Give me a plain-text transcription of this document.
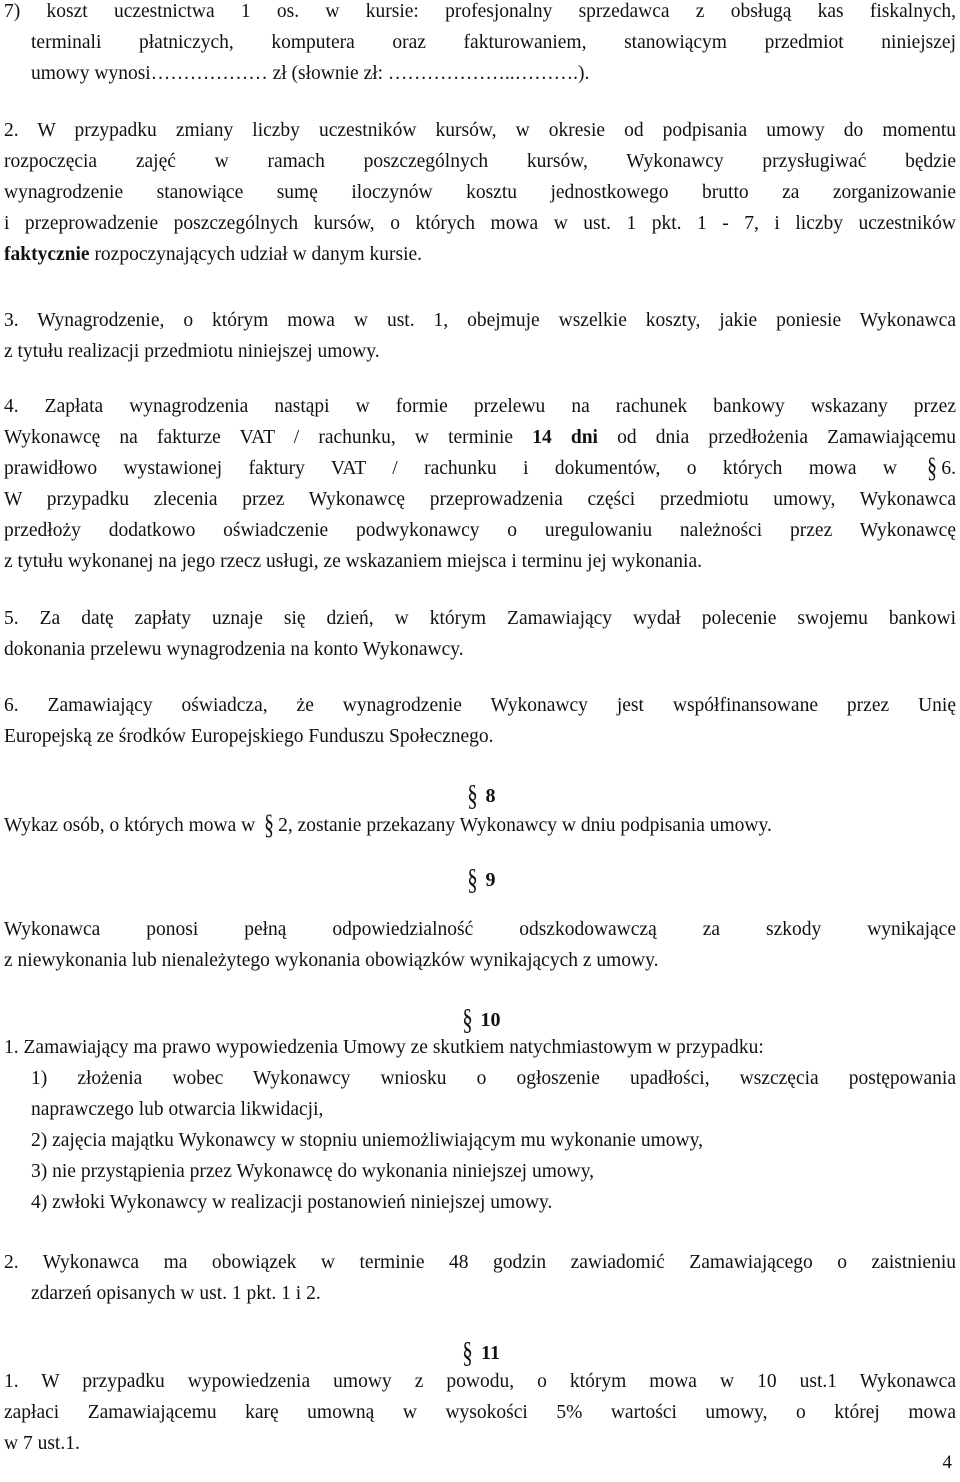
7) koszt uczestnictwa 1 os. w kursie: profesjonalny sprzedawca z obsługą kas fiskalnych,
terminali płatniczych, komputera oraz fakturowaniem, stanowiącym przedmiot niniejszej
umowy wynosi……………… zł (słownie zł: ………………..……….).
2. W przypadku zmiany liczby uczestników kursów, w okresie od podpisania umowy do momentu
rozpoczęcia zajęć w ramach poszczególnych kursów, Wykonawcy przysługiwać będzie
wynagrodzenie stanowiące sumę iloczynów kosztu jednostkowego brutto za zorganizowanie
i przeprowadzenie poszczególnych kursów, o których mowa w ust. 1 pkt. 1 - 7, i liczby uczestników
faktycznie rozpoczynających udział w danym kursie.
3. Wynagrodzenie, o którym mowa w ust. 1, obejmuje wszelkie koszty, jakie poniesie Wykonawca
z tytułu realizacji przedmiotu niniejszej umowy.
4. Zapłata wynagrodzenia nastąpi w formie przelewu na rachunek bankowy wskazany przez
Wykonawcę na fakturze VAT / rachunku, w terminie 14 dni od dnia przedłożenia Zamawiającemu
prawidłowo wystawionej faktury VAT / rachunku i dokumentów, o których mowa w § 6.
W przypadku zlecenia przez Wykonawcę przeprowadzenia części przedmiotu umowy, Wykonawca
przedłoży dodatkowo oświadczenie podwykonawcy o uregulowaniu należności przez Wykonawcę
z tytułu wykonanej na jego rzecz usługi, ze wskazaniem miejsca i terminu jej wykonania.
5. Za datę zapłaty uznaje się dzień, w którym Zamawiający wydał polecenie swojemu bankowi
dokonania przelewu wynagrodzenia na konto Wykonawcy.
6. Zamawiający oświadcza, że wynagrodzenie Wykonawcy jest współfinansowane przez Unię
Europejską ze środków Europejskiego Funduszu Społecznego.
§ 8
Wykaz osób, o których mowa w § 2, zostanie przekazany Wykonawcy w dniu podpisania umowy.
§ 9
Wykonawca ponosi pełną odpowiedzialność odszkodowawczą za szkody wynikające
z niewykonania lub nienależytego wykonania obowiązków wynikających z umowy.
§ 10
1. Zamawiający ma prawo wypowiedzenia Umowy ze skutkiem natychmiastowym w przypadku:
1) złożenia wobec Wykonawcy wniosku o ogłoszenie upadłości, wszczęcia postępowania
naprawczego lub otwarcia likwidacji,
2) zajęcia majątku Wykonawcy w stopniu uniemożliwiającym mu wykonanie umowy,
3) nie przystąpienia przez Wykonawcę do wykonania niniejszej umowy,
4) zwłoki Wykonawcy w realizacji postanowień niniejszej umowy.
2. Wykonawca ma obowiązek w terminie 48 godzin zawiadomić Zamawiającego o zaistnieniu
zdarzeń opisanych w ust. 1 pkt. 1 i 2.
§ 11
1. W przypadku wypowiedzenia umowy z powodu, o którym mowa w 10 ust.1 Wykonawca
zapłaci Zamawiającemu karę umowną w wysokości 5% wartości umowy, o której mowa
w 7 ust.1.
4
